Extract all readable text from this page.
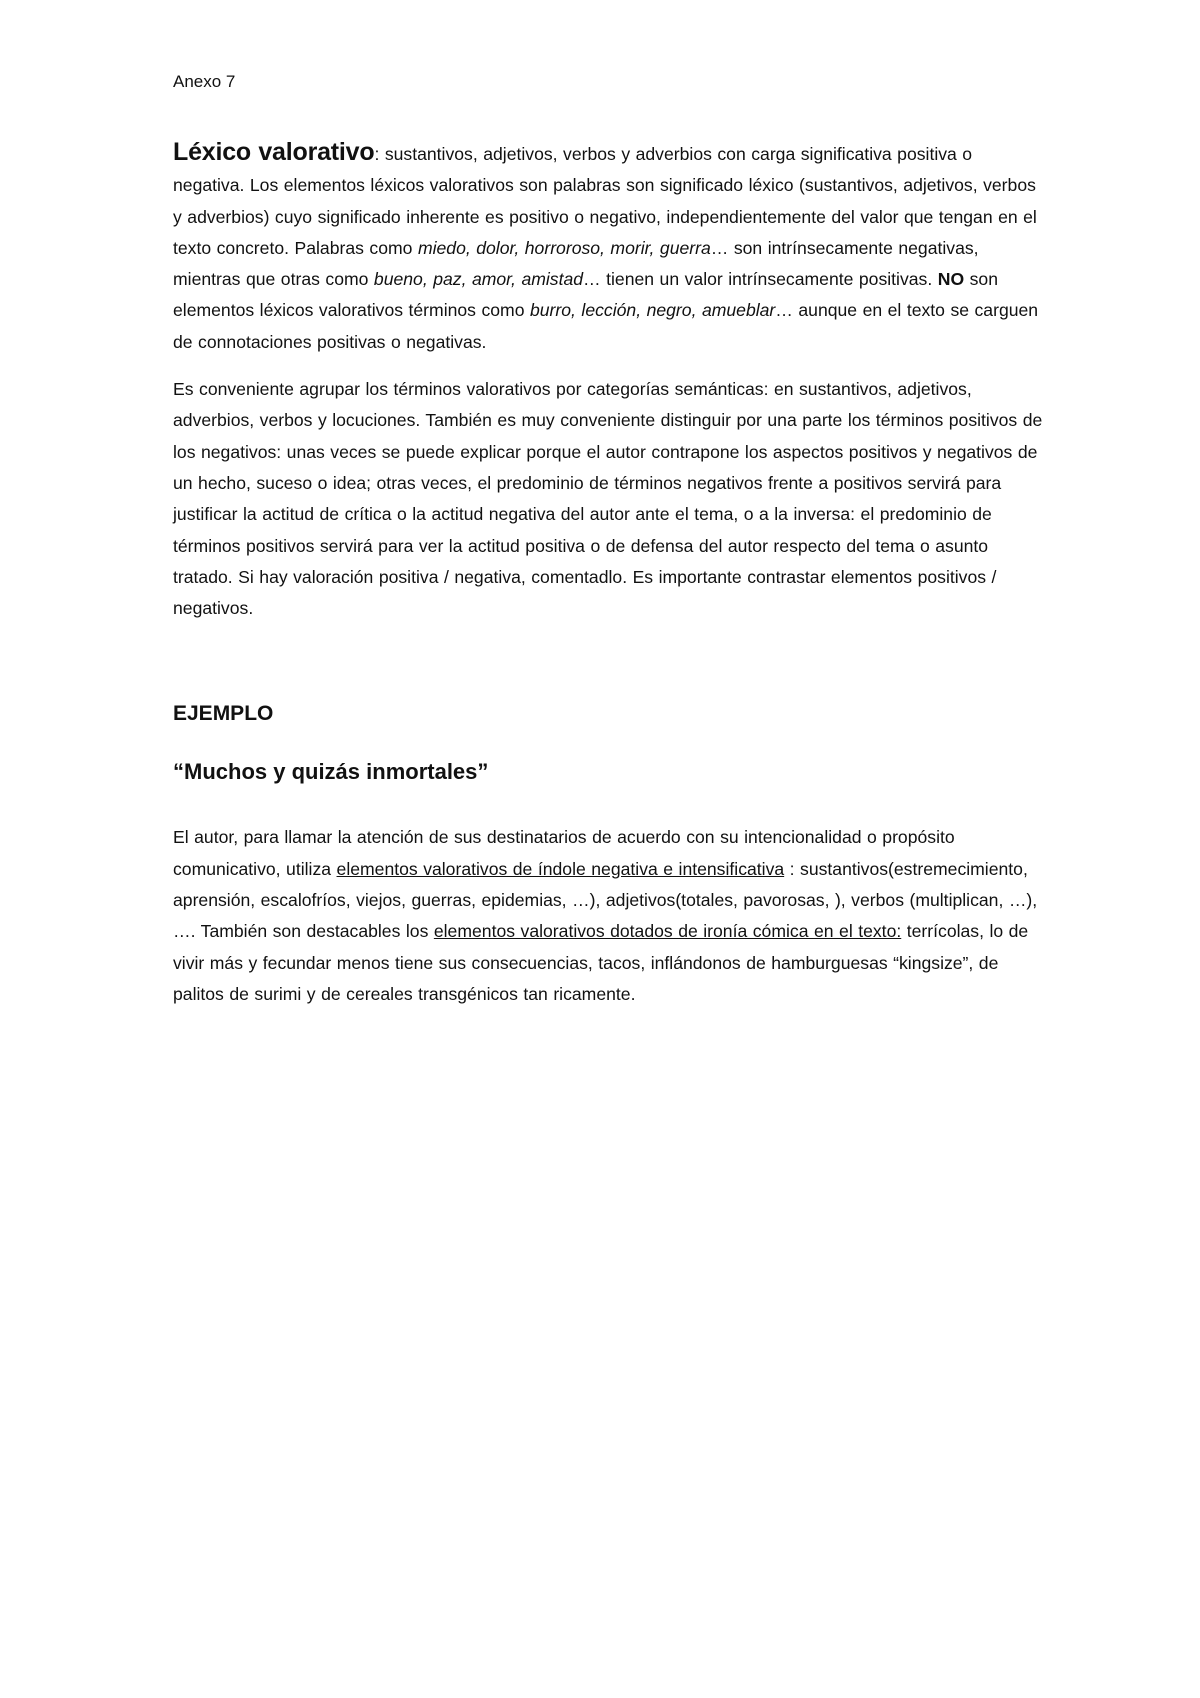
Anexo 7

Léxico valorativo: sustantivos, adjetivos, verbos y adverbios con carga significativa positiva o negativa. Los elementos léxicos valorativos son palabras son significado léxico (sustantivos, adjetivos, verbos y adverbios) cuyo significado inherente es positivo o negativo, independientemente del valor que tengan en el texto concreto. Palabras como miedo, dolor, horroroso, morir, guerra… son intrínsecamente negativas, mientras que otras como bueno, paz, amor, amistad… tienen un valor intrínsecamente positivas. NO son elementos léxicos valorativos términos como burro, lección, negro, amueblar… aunque en el texto se carguen de connotaciones positivas o negativas.

Es conveniente agrupar los términos valorativos por categorías semánticas: en sustantivos, adjetivos, adverbios, verbos y locuciones. También es muy conveniente distinguir por una parte los términos positivos de los negativos: unas veces se puede explicar porque el autor contrapone los aspectos positivos y negativos de un hecho, suceso o idea; otras veces, el predominio de términos negativos frente a positivos servirá para justificar la actitud de crítica o la actitud negativa del autor ante el tema, o a la inversa: el predominio de términos positivos servirá para ver la actitud positiva o de defensa del autor respecto del tema o asunto tratado. Si hay valoración positiva / negativa, comentadlo. Es importante contrastar elementos positivos / negativos.

EJEMPLO
“Muchos y quizás inmortales”

El autor, para llamar la atención de sus destinatarios de acuerdo con su intencionalidad o propósito comunicativo, utiliza elementos valorativos de índole negativa e intensificativa : sustantivos(estremecimiento, aprensión, escalofríos, viejos, guerras, epidemias, …), adjetivos(totales, pavorosas, ), verbos (multiplican, …), …. También son destacables los elementos valorativos dotados de ironía cómica en el texto: terrícolas, lo de vivir más y fecundar menos tiene sus consecuencias, tacos, inflándonos de hamburguesas “kingsize”, de palitos de surimi y de cereales transgénicos tan ricamente.
